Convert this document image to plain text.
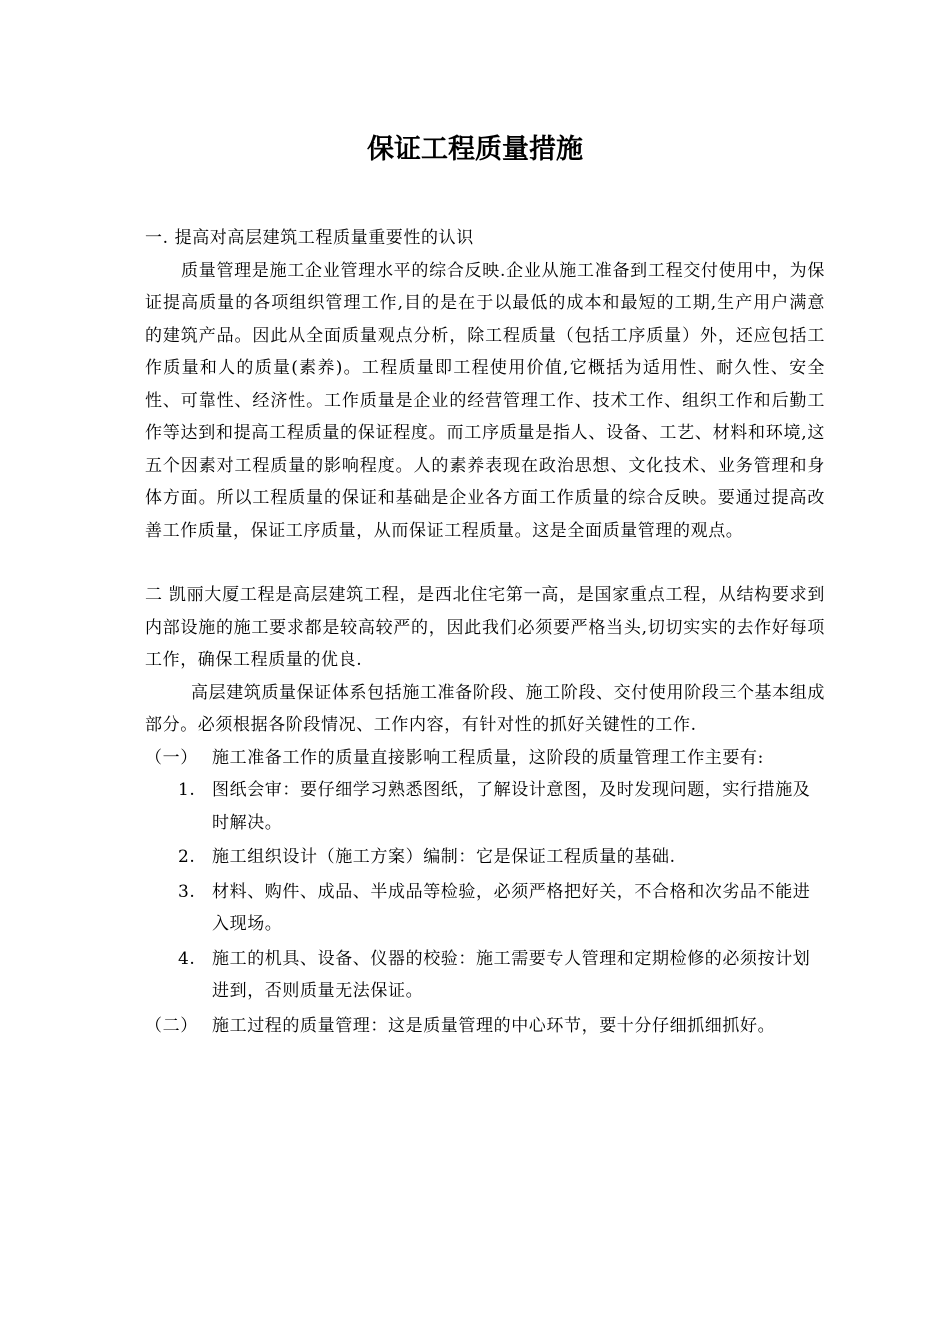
保证工程质量措施

一. 提高对高层建筑工程质量重要性的认识

质量管理是施工企业管理水平的综合反映.企业从施工准备到工程交付使用中，为保证提高质量的各项组织管理工作,目的是在于以最低的成本和最短的工期,生产用户满意的建筑产品。因此从全面质量观点分析，除工程质量（包括工序质量）外，还应包括工作质量和人的质量(素养)。工程质量即工程使用价值,它概括为适用性、耐久性、安全性、可靠性、经济性。工作质量是企业的经营管理工作、技术工作、组织工作和后勤工作等达到和提高工程质量的保证程度。而工序质量是指人、设备、工艺、材料和环境,这五个因素对工程质量的影响程度。人的素养表现在政治思想、文化技术、业务管理和身体方面。所以工程质量的保证和基础是企业各方面工作质量的综合反映。要通过提高改善工作质量，保证工序质量，从而保证工程质量。这是全面质量管理的观点。

二 凯丽大厦工程是高层建筑工程，是西北住宅第一高，是国家重点工程，从结构要求到内部设施的施工要求都是较高较严的，因此我们必须要严格当头,切切实实的去作好每项工作，确保工程质量的优良.

高层建筑质量保证体系包括施工准备阶段、施工阶段、交付使用阶段三个基本组成部分。必须根据各阶段情况、工作内容，有针对性的抓好关键性的工作.

（一） 施工准备工作的质量直接影响工程质量，这阶段的质量管理工作主要有:

1. 图纸会审：要仔细学习熟悉图纸，了解设计意图，及时发现问题，实行措施及时解决。

2. 施工组织设计（施工方案）编制：它是保证工程质量的基础.

3. 材料、购件、成品、半成品等检验，必须严格把好关，不合格和次劣品不能进入现场。

4. 施工的机具、设备、仪器的校验：施工需要专人管理和定期检修的必须按计划进到，否则质量无法保证。

（二） 施工过程的质量管理：这是质量管理的中心环节，要十分仔细抓细抓好。
